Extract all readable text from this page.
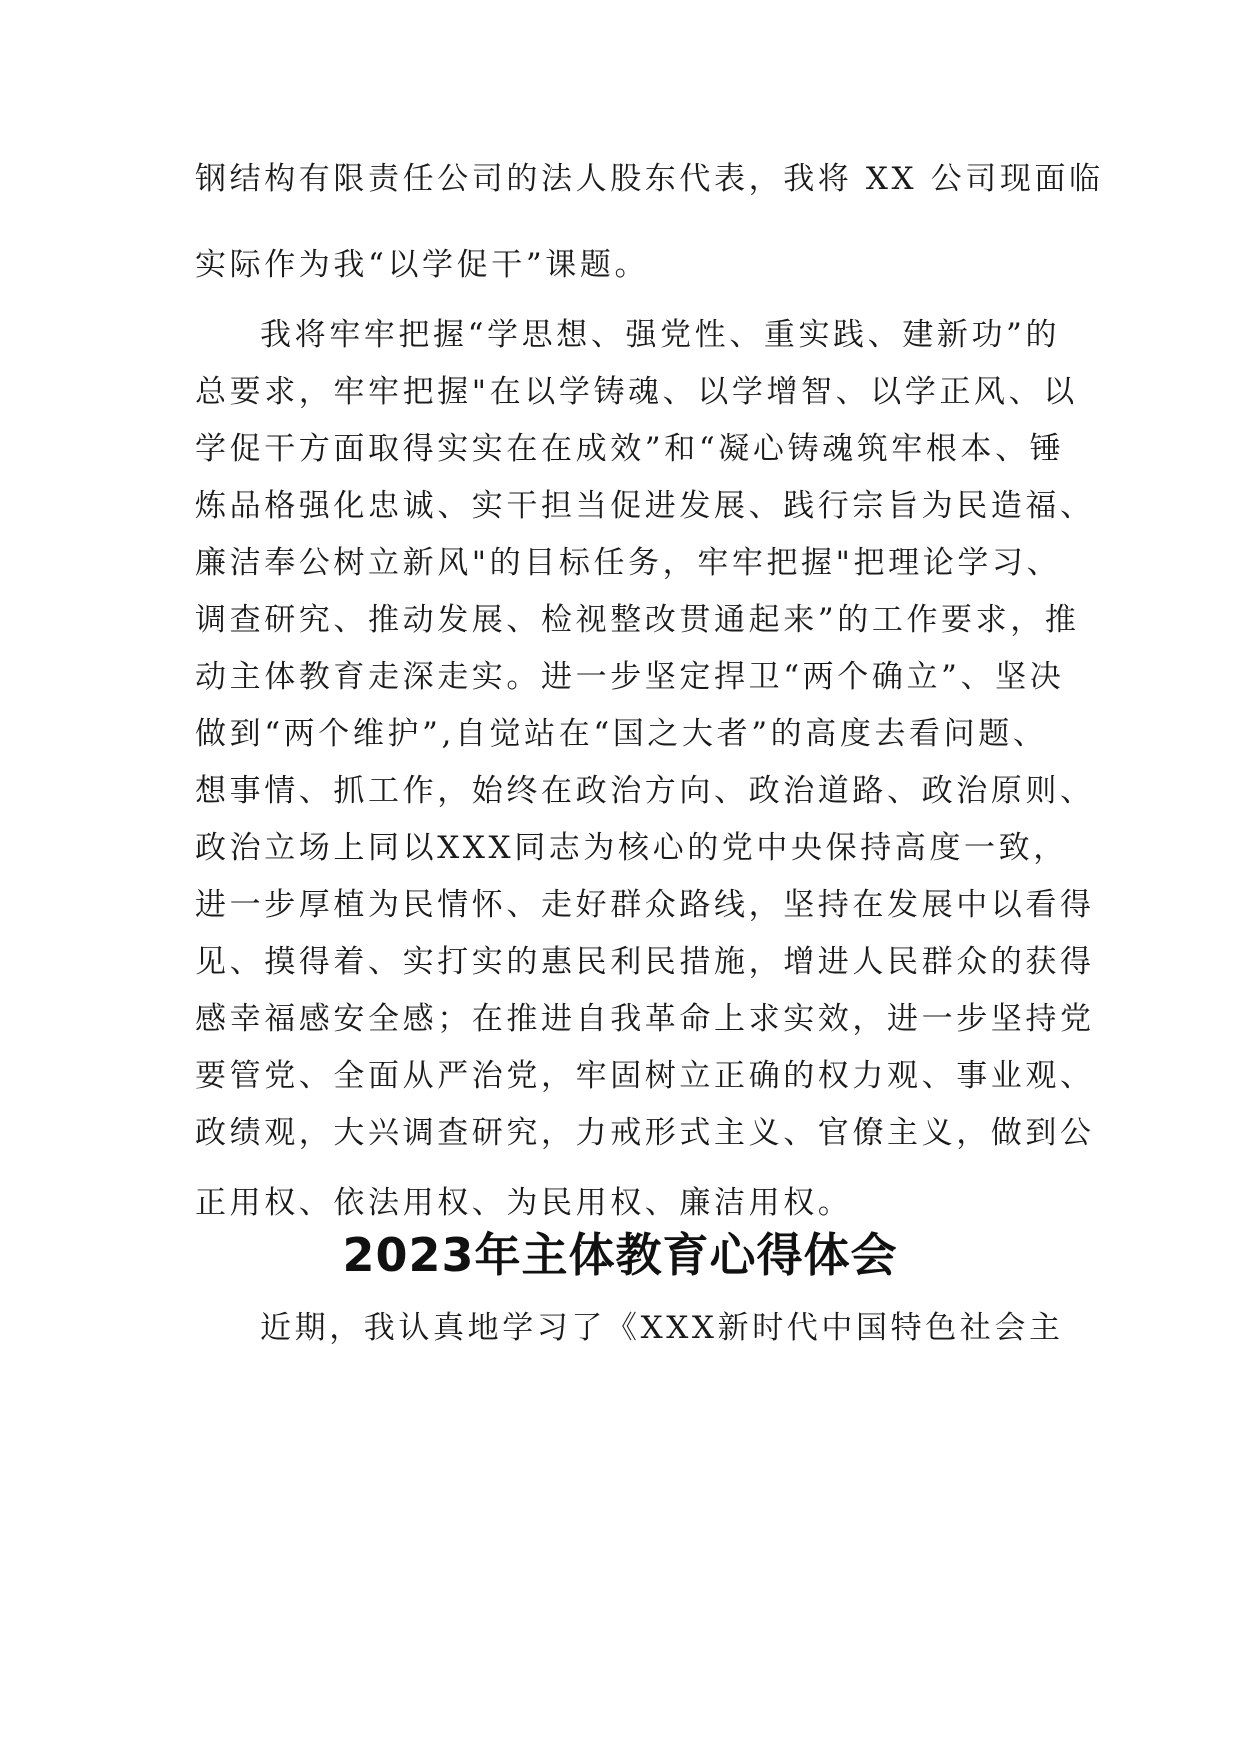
钢结构有限责任公司的法人股东代表，我将 XX 公司现面临
实际作为我“以学促干”课题。
我将牢牢把握“学思想、强党性、重实践、建新功”的
总要求，牢牢把握"在以学铸魂、以学增智、以学正风、以
学促干方面取得实实在在成效”和“凝心铸魂筑牢根本、锤
炼品格强化忠诚、实干担当促进发展、践行宗旨为民造福、
廉洁奉公树立新风"的目标任务，牢牢把握"把理论学习、
调查研究、推动发展、检视整改贯通起来”的工作要求，推
动主体教育走深走实。进一步坚定捍卫“两个确立”、坚决
做到“两个维护”,自觉站在“国之大者”的高度去看问题、
想事情、抓工作，始终在政治方向、政治道路、政治原则、
政治立场上同以XXX同志为核心的党中央保持高度一致，
进一步厚植为民情怀、走好群众路线，坚持在发展中以看得
见、摸得着、实打实的惠民利民措施，增进人民群众的获得
感幸福感安全感；在推进自我革命上求实效，进一步坚持党
要管党、全面从严治党，牢固树立正确的权力观、事业观、
政绩观，大兴调查研究，力戒形式主义、官僚主义，做到公
正用权、依法用权、为民用权、廉洁用权。
2023年主体教育心得体会
近期，我认真地学习了《XXX新时代中国特色社会主
